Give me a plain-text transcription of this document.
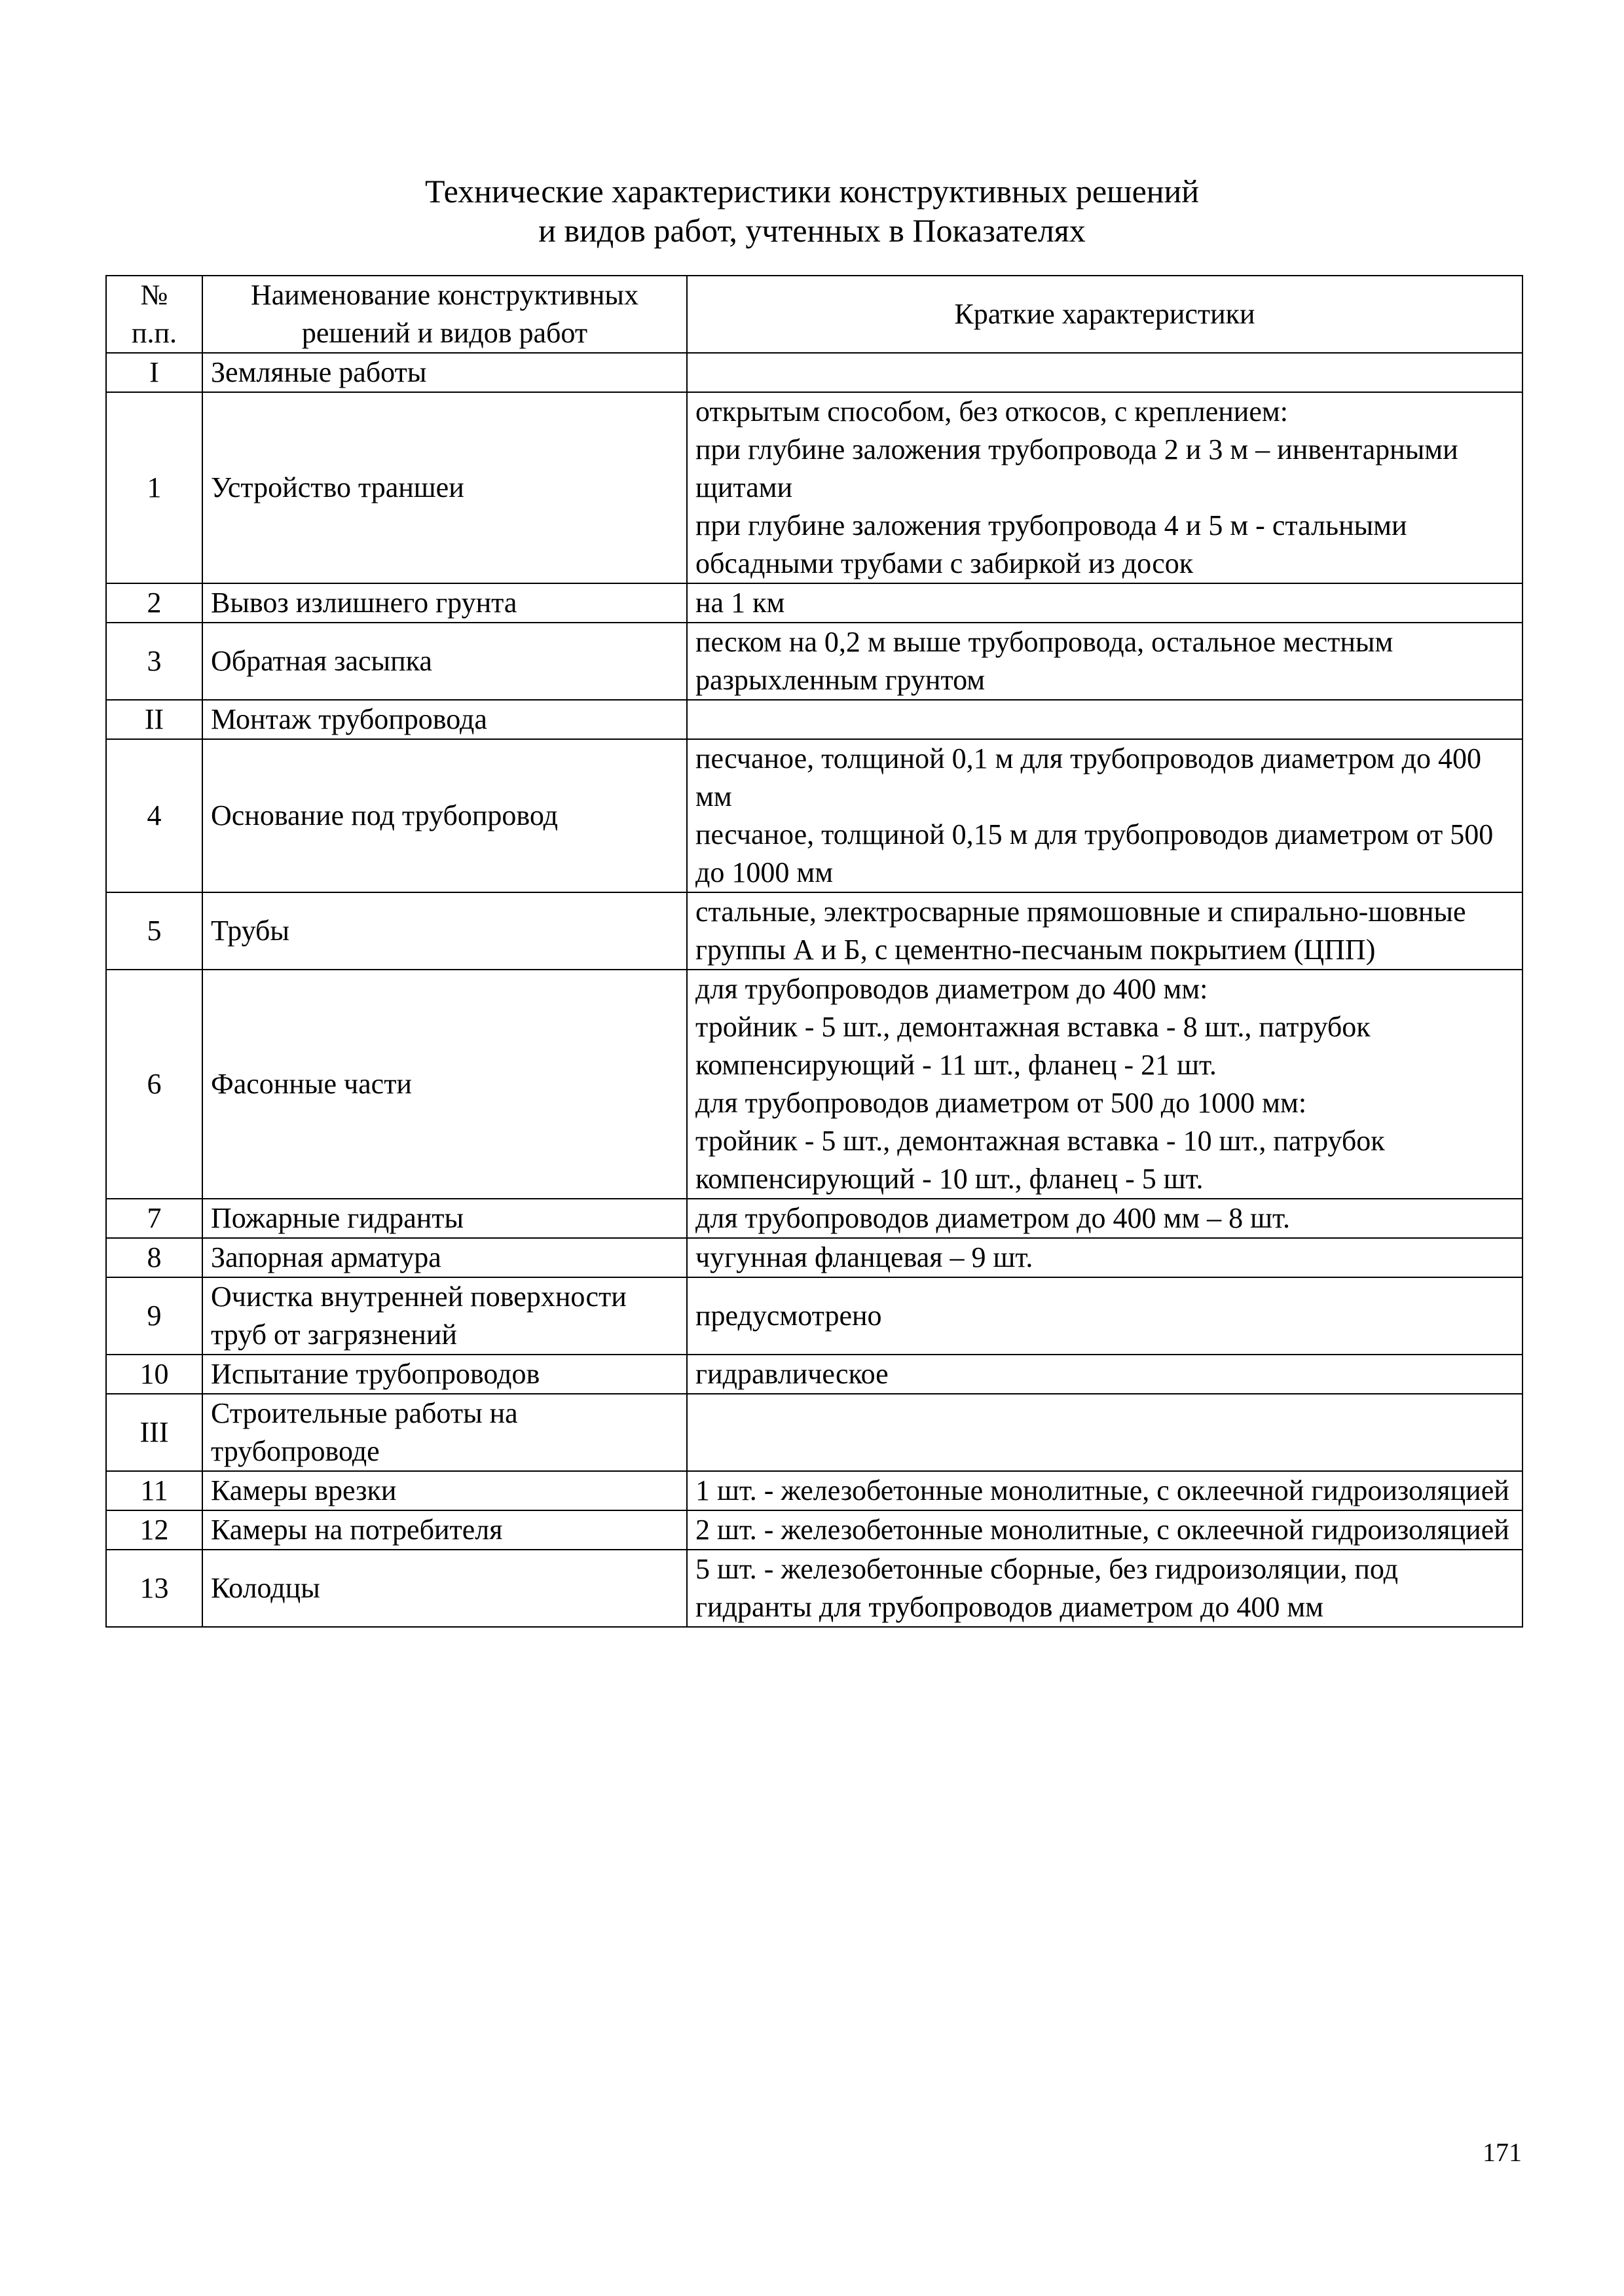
Технические характеристики конструктивных решений
и видов работ, учтенных в Показателях
№
п.п.	Наименование конструктивных решений и видов работ	Краткие характеристики
I	Земляные работы	
1	Устройство траншеи	открытым способом, без откосов, с креплением:
при глубине заложения трубопровода 2 и 3 м – инвентарными щитами
при глубине заложения трубопровода 4 и 5 м - стальными обсадными трубами с забиркой из досок
2	Вывоз излишнего грунта	на 1 км
3	Обратная засыпка	песком на 0,2 м выше трубопровода, остальное местным разрыхленным грунтом
II	Монтаж трубопровода	
4	Основание под трубопровод	песчаное, толщиной 0,1 м для трубопроводов диаметром до 400 мм
песчаное, толщиной 0,15 м для трубопроводов диаметром от 500 до 1000 мм
5	Трубы	стальные, электросварные прямошовные и спирально-шовные группы А и Б, с цементно-песчаным покрытием (ЦПП)
6	Фасонные части	для трубопроводов диаметром до 400 мм:
тройник - 5 шт., демонтажная вставка - 8 шт., патрубок компенсирующий - 11 шт., фланец - 21 шт.
для трубопроводов диаметром от 500 до 1000 мм:
тройник - 5 шт., демонтажная вставка - 10 шт., патрубок компенсирующий - 10 шт., фланец - 5 шт.
7	Пожарные гидранты	для трубопроводов диаметром до 400 мм – 8 шт.
8	Запорная арматура	чугунная фланцевая – 9 шт.
9	Очистка внутренней поверхности труб от загрязнений	предусмотрено
10	Испытание трубопроводов	гидравлическое
III	Строительные работы на трубопроводе	
11	Камеры врезки	1 шт. - железобетонные монолитные, с оклеечной гидроизоляцией
12	Камеры на потребителя	2 шт. - железобетонные монолитные, с оклеечной гидроизоляцией
13	Колодцы	5 шт. - железобетонные сборные, без гидроизоляции, под гидранты для трубопроводов диаметром до 400 мм
171
